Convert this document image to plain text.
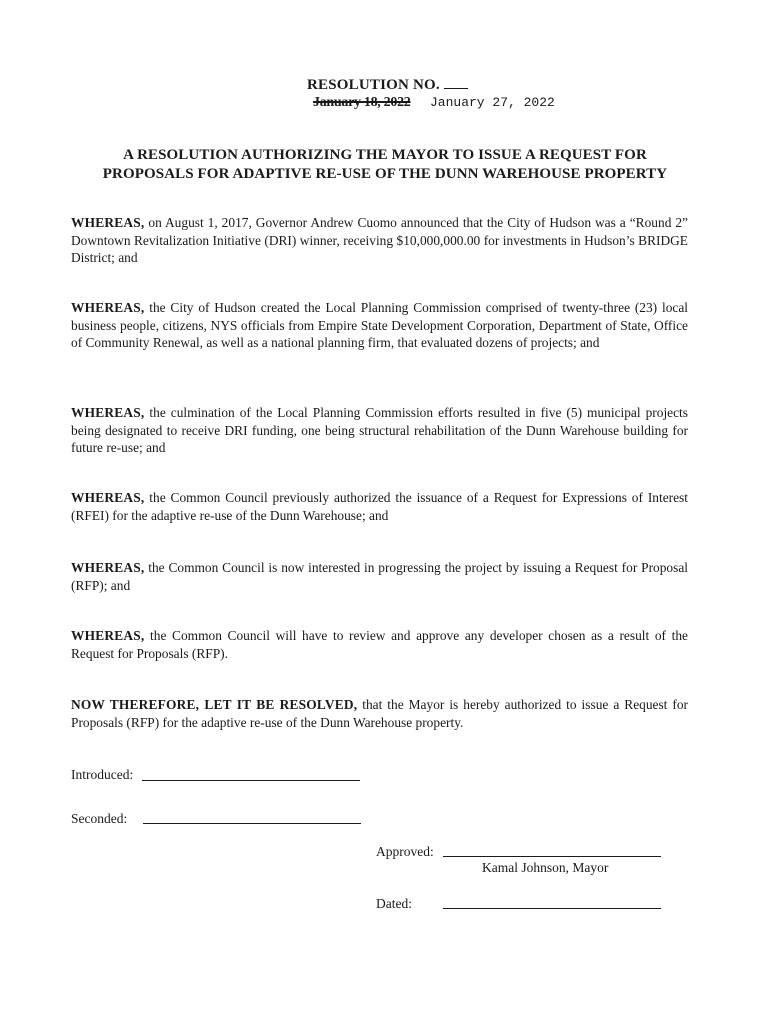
RESOLUTION NO.
January 18, 2022 January 27, 2022
A RESOLUTION AUTHORIZING THE MAYOR TO ISSUE A REQUEST FOR
PROPOSALS FOR ADAPTIVE RE-USE OF THE DUNN WAREHOUSE PROPERTY
WHEREAS, on August 1, 2017, Governor Andrew Cuomo announced that the City of Hudson was a “Round 2” Downtown Revitalization Initiative (DRI) winner, receiving $10,000,000.00 for investments in Hudson’s BRIDGE District; and
WHEREAS, the City of Hudson created the Local Planning Commission comprised of twenty-three (23) local business people, citizens, NYS officials from Empire State Development Corporation, Department of State, Office of Community Renewal, as well as a national planning firm, that evaluated dozens of projects; and
WHEREAS, the culmination of the Local Planning Commission efforts resulted in five (5) municipal projects being designated to receive DRI funding, one being structural rehabilitation of the Dunn Warehouse building for future re-use; and
WHEREAS, the Common Council previously authorized the issuance of a Request for Expressions of Interest (RFEI) for the adaptive re-use of the Dunn Warehouse; and
WHEREAS, the Common Council is now interested in progressing the project by issuing a Request for Proposal (RFP); and
WHEREAS, the Common Council will have to review and approve any developer chosen as a result of the Request for Proposals (RFP).
NOW THEREFORE, LET IT BE RESOLVED, that the Mayor is hereby authorized to issue a Request for Proposals (RFP) for the adaptive re-use of the Dunn Warehouse property.
Introduced:
Seconded:
Approved:
Kamal Johnson, Mayor
Dated:
